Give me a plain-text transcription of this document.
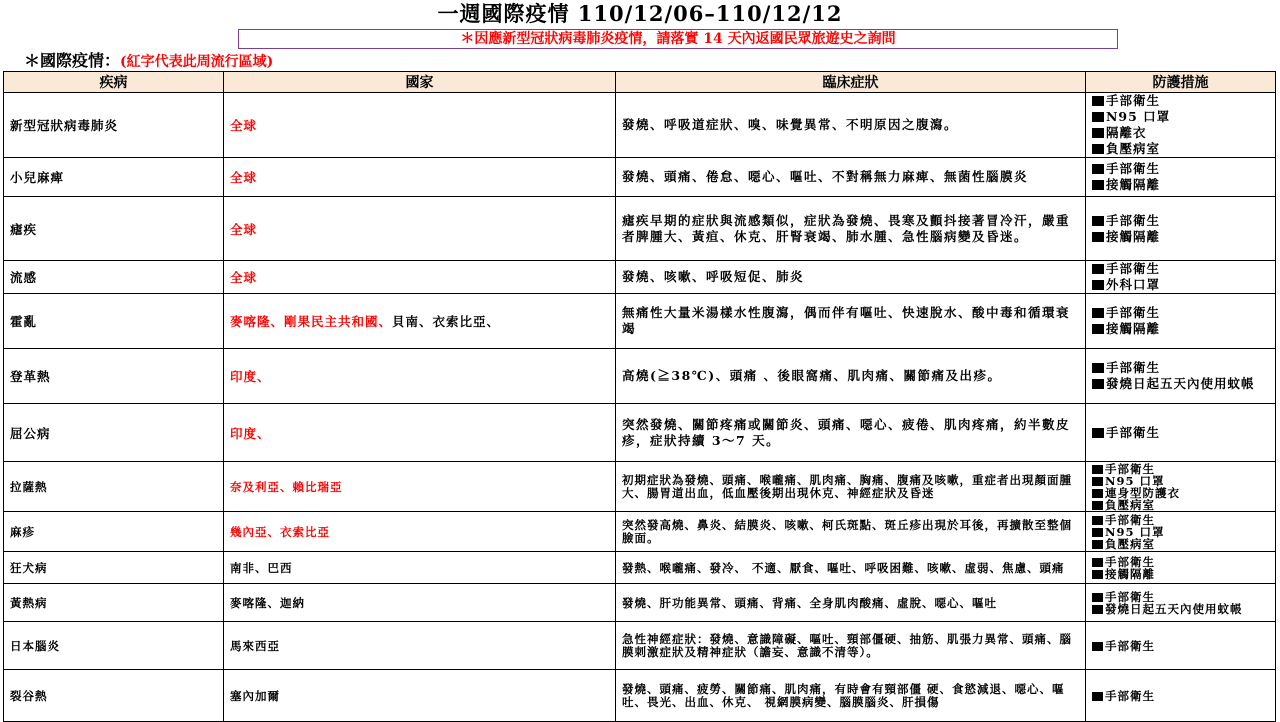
一週國際疫情 110/12/06–110/12/12
＊因應新型冠狀病毒肺炎疫情，請落實 14 天內返國民眾旅遊史之詢問
＊國際疫情：(紅字代表此周流行區域)
疾病	國家	臨床症狀	防護措施
新型冠狀病毒肺炎	全球	發燒、呼吸道症狀、嗅、味覺異常、不明原因之腹瀉。	手部衛生
N95 口罩
隔離衣
負壓病室

小兒麻痺	全球	發燒、頭痛、倦怠、噁心、嘔吐、不對稱無力麻痺、無菌性腦膜炎	手部衛生
接觸隔離

瘧疾	全球	瘧疾早期的症狀與流感類似，症狀為發燒、畏寒及顫抖接著冒冷汗，嚴重者脾腫大、黃疸、休克、肝腎衰竭、肺水腫、急性腦病變及昏迷。	手部衛生
接觸隔離

流感	全球	發燒、咳嗽、呼吸短促、肺炎	手部衛生
外科口罩

霍亂	麥喀隆、剛果民主共和國、貝南、衣索比亞、	無痛性大量米湯樣水性腹瀉，偶而伴有嘔吐、快速脫水、酸中毒和循環衰竭	手部衛生
接觸隔離

登革熱	印度、	高燒(≧38℃)、頭痛 、後眼窩痛、肌肉痛、關節痛及出疹。	手部衛生
發燒日起五天內使用蚊帳

屈公病	印度、	突然發燒、關節疼痛或關節炎、頭痛、噁心、疲倦、肌肉疼痛，約半數皮疹，症狀持續 3～7 天。	手部衛生
拉薩熱	奈及利亞、賴比瑞亞	初期症狀為發燒、頭痛、喉嚨痛、肌肉痛、胸痛、腹痛及咳嗽，重症者出現顏面腫大、腸胃道出血，低血壓後期出現休克、神經症狀及昏迷	手部衛生
N95 口罩
連身型防護衣
負壓病室

麻疹	幾內亞、衣索比亞	突然發高燒、鼻炎、結膜炎、咳嗽、柯氏斑點、斑丘疹出現於耳後，再擴散至整個臉面。	手部衛生
N95 口罩
負壓病室

狂犬病	南非、巴西	發熱、喉嚨痛、發冷、 不適、厭食、嘔吐、呼吸困難、咳嗽、虛弱、焦慮、頭痛	手部衛生
接觸隔離

黃熱病	麥喀隆、迦納	發燒、肝功能異常、頭痛、背痛、全身肌肉酸痛、虛脫、噁心、嘔吐	手部衛生
發燒日起五天內使用蚊帳

日本腦炎	馬來西亞	急性神經症狀：發燒、意識障礙、嘔吐、頸部僵硬、抽筋、肌張力異常、頭痛、腦膜刺激症狀及精神症狀（譫妄、意識不清等）。	手部衛生

裂谷熱	塞內加爾	發燒、頭痛、疲勞、關節痛、肌肉痛，有時會有頸部僵 硬、食慾減退、噁心、嘔吐、畏光、出血、休克、 視網膜病變、腦膜腦炎、肝損傷	手部衛生
